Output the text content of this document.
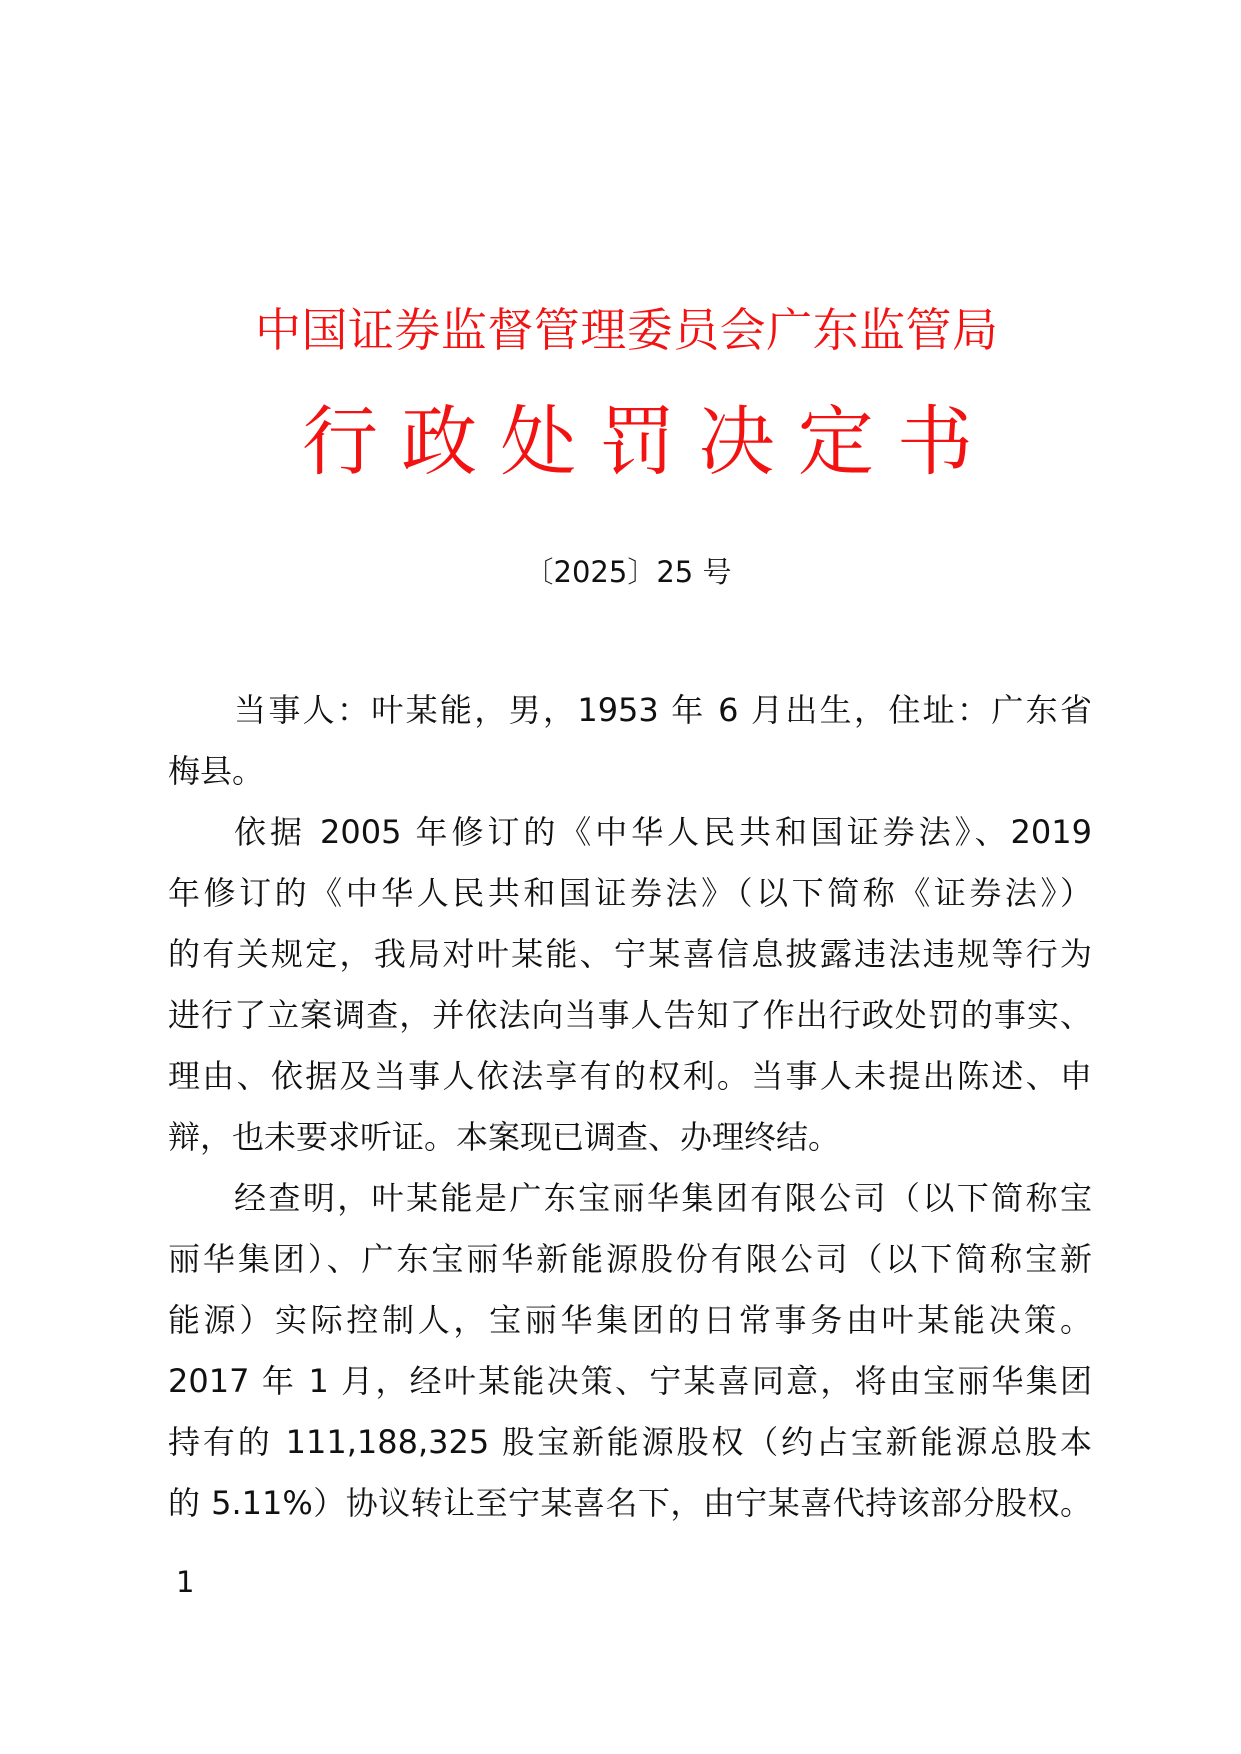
中国证券监督管理委员会广东监管局
行政处罚决定书
〔2025〕25 号
当事人：叶某能，男，1953 年 6 月出生，住址：广东省
梅县。
依据 2005 年修订的《中华人民共和国证券法》、2019
年修订的《中华人民共和国证券法》（以下简称《证券法》）
的有关规定，我局对叶某能、宁某喜信息披露违法违规等行为
进行了立案调查，并依法向当事人告知了作出行政处罚的事实、
理由、依据及当事人依法享有的权利。当事人未提出陈述、申
辩，也未要求听证。本案现已调查、办理终结。
经查明，叶某能是广东宝丽华集团有限公司（以下简称宝
丽华集团）、广东宝丽华新能源股份有限公司（以下简称宝新
能源）实际控制人，宝丽华集团的日常事务由叶某能决策。
2017 年 1 月，经叶某能决策、宁某喜同意，将由宝丽华集团
持有的 111,188,325 股宝新能源股权（约占宝新能源总股本
的 5.11%）协议转让至宁某喜名下，由宁某喜代持该部分股权。
1
